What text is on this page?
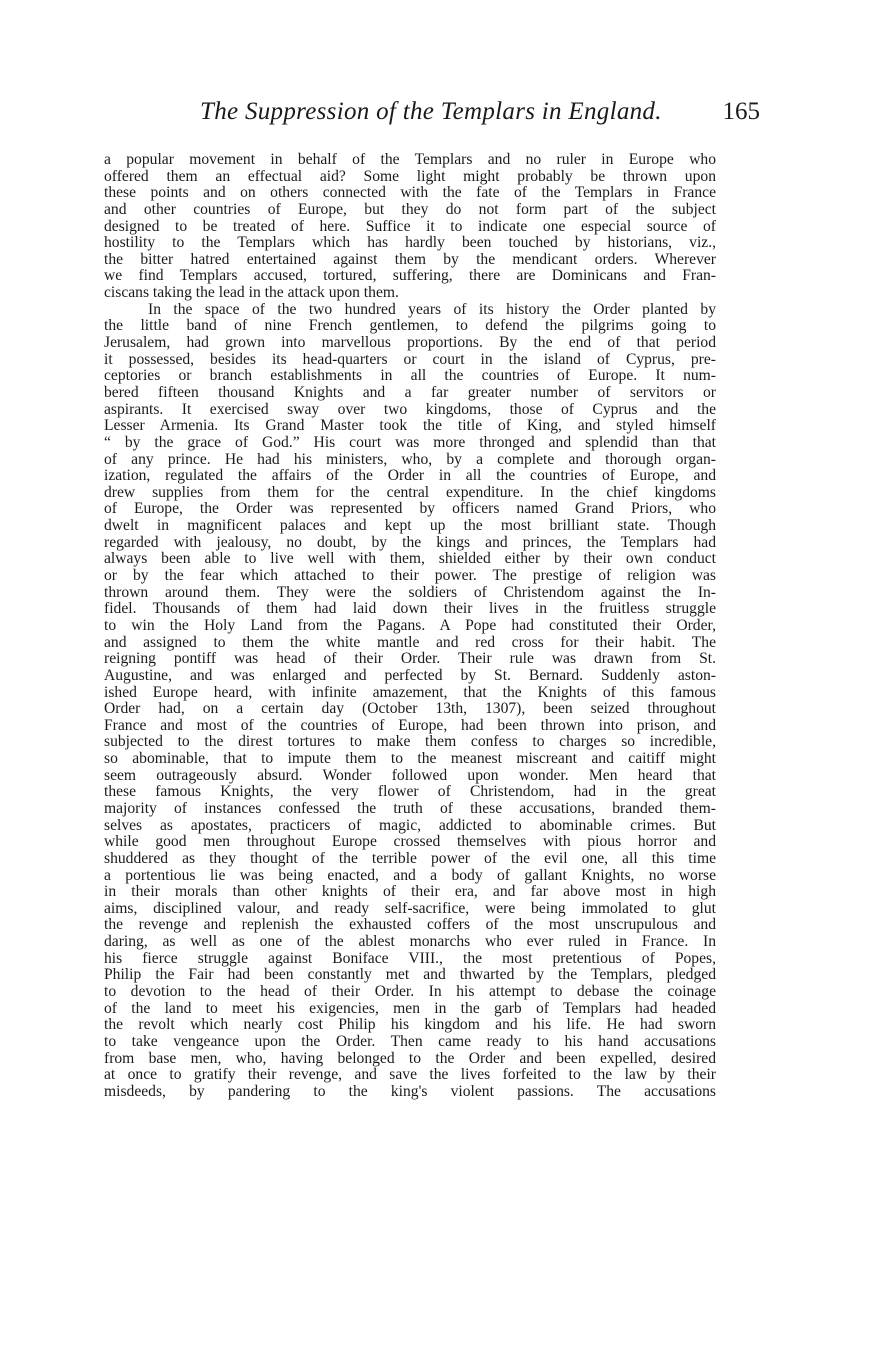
The Suppression of the Templars in England. 165
a popular movement in behalf of the Templars and no ruler in Europe who
offered them an effectual aid? Some light might probably be thrown upon
these points and on others connected with the fate of the Templars in France
and other countries of Europe, but they do not form part of the subject
designed to be treated of here. Suffice it to indicate one especial source of
hostility to the Templars which has hardly been touched by historians, viz.,
the bitter hatred entertained against them by the mendicant orders. Wherever
we find Templars accused, tortured, suffering, there are Dominicans and Fran-
ciscans taking the lead in the attack upon them.
In the space of the two hundred years of its history the Order planted by
the little band of nine French gentlemen, to defend the pilgrims going to
Jerusalem, had grown into marvellous proportions. By the end of that period
it possessed, besides its head-quarters or court in the island of Cyprus, pre-
ceptories or branch establishments in all the countries of Europe. It num-
bered fifteen thousand Knights and a far greater number of servitors or
aspirants. It exercised sway over two kingdoms, those of Cyprus and the
Lesser Armenia. Its Grand Master took the title of King, and styled himself
“ by the grace of God.” His court was more thronged and splendid than that
of any prince. He had his ministers, who, by a complete and thorough organ-
ization, regulated the affairs of the Order in all the countries of Europe, and
drew supplies from them for the central expenditure. In the chief kingdoms
of Europe, the Order was represented by officers named Grand Priors, who
dwelt in magnificent palaces and kept up the most brilliant state. Though
regarded with jealousy, no doubt, by the kings and princes, the Templars had
always been able to live well with them, shielded either by their own conduct
or by the fear which attached to their power. The prestige of religion was
thrown around them. They were the soldiers of Christendom against the In-
fidel. Thousands of them had laid down their lives in the fruitless struggle
to win the Holy Land from the Pagans. A Pope had constituted their Order,
and assigned to them the white mantle and red cross for their habit. The
reigning pontiff was head of their Order. Their rule was drawn from St.
Augustine, and was enlarged and perfected by St. Bernard. Suddenly aston-
ished Europe heard, with infinite amazement, that the Knights of this famous
Order had, on a certain day (October 13th, 1307), been seized throughout
France and most of the countries of Europe, had been thrown into prison, and
subjected to the direst tortures to make them confess to charges so incredible,
so abominable, that to impute them to the meanest miscreant and caitiff might
seem outrageously absurd. Wonder followed upon wonder. Men heard that
these famous Knights, the very flower of Christendom, had in the great
majority of instances confessed the truth of these accusations, branded them-
selves as apostates, practicers of magic, addicted to abominable crimes. But
while good men throughout Europe crossed themselves with pious horror and
shuddered as they thought of the terrible power of the evil one, all this time
a portentious lie was being enacted, and a body of gallant Knights, no worse
in their morals than other knights of their era, and far above most in high
aims, disciplined valour, and ready self-sacrifice, were being immolated to glut
the revenge and replenish the exhausted coffers of the most unscrupulous and
daring, as well as one of the ablest monarchs who ever ruled in France. In
his fierce struggle against Boniface VIII., the most pretentious of Popes,
Philip the Fair had been constantly met and thwarted by the Templars, pledged
to devotion to the head of their Order. In his attempt to debase the coinage
of the land to meet his exigencies, men in the garb of Templars had headed
the revolt which nearly cost Philip his kingdom and his life. He had sworn
to take vengeance upon the Order. Then came ready to his hand accusations
from base men, who, having belonged to the Order and been expelled, desired
at once to gratify their revenge, and save the lives forfeited to the law by their
misdeeds, by pandering to the king's violent passions. The accusations
